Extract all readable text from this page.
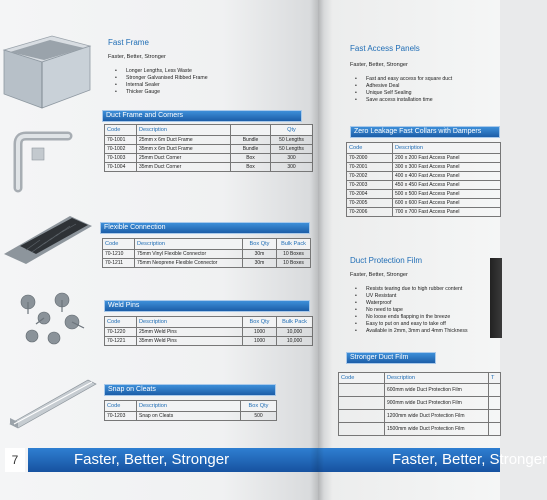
Fast Frame
Faster, Better, Stronger
• Longer Lengths, Less Waste
• Stronger Galvanised Ribbed Frame
• Internal Sealer
• Thicker Gauge
Duct Frame and Corners
Code	Description		Qty
70-1001	25mm x 6m Duct Frame	Bundle	50 Lengths
70-1002	35mm x 6m Duct Frame	Bundle	50 Lengths
70-1003	25mm Duct Corner	Box	300
70-1004	35mm Duct Corner	Box	300
Flexible Connection
Code	Description	Box Qty	Bulk Pack
70-1210	75mm Vinyl Flexible Connector	30m	10 Boxes
70-1211	75mm Neoprene Flexible Connector	30m	10 Boxes
Weld Pins
Code	Description	Box Qty	Bulk Pack
70-1220	25mm Weld Pins	1000	10,000
70-1221	35mm Weld Pins	1000	10,000
Snap on Cleats
Code	Description	Box Qty
70-1203	Snap on Cleats	500
Faster, Better, Stronger
7
Fast Access Panels
Faster, Better, Stronger
• Fast and easy access for square duct
• Adhesive Deal
• Unique Self Sealing
• Save access installation time
Zero Leakage Fast Collars with Dampers
Code	Description
70-2000	200 x 200 Fast Access Panel
70-2001	300 x 300 Fast Access Panel
70-2002	400 x 400 Fast Access Panel
70-2003	450 x 450 Fast Access Panel
70-2004	500 x 500 Fast Access Panel
70-2005	600 x 600 Fast Access Panel
70-2006	700 x 700 Fast Access Panel
Duct Protection Film
Faster, Better, Stronger
• Resists tearing due to high rubber content
• UV Resistant
• Waterproof
• No need to tape
• No loose ends flapping in the breeze
• Easy to put on and easy to take off
• Available in 2mm, 3mm and 4mm Thickness
Stronger Duct Film
Code	Description	T
	600mm wide Duct Protection Film	
	900mm wide Duct Protection Film	
	1200mm wide Duct Protection Film	
	1500mm wide Duct Protection Film	
Faster, Better, Stronger
